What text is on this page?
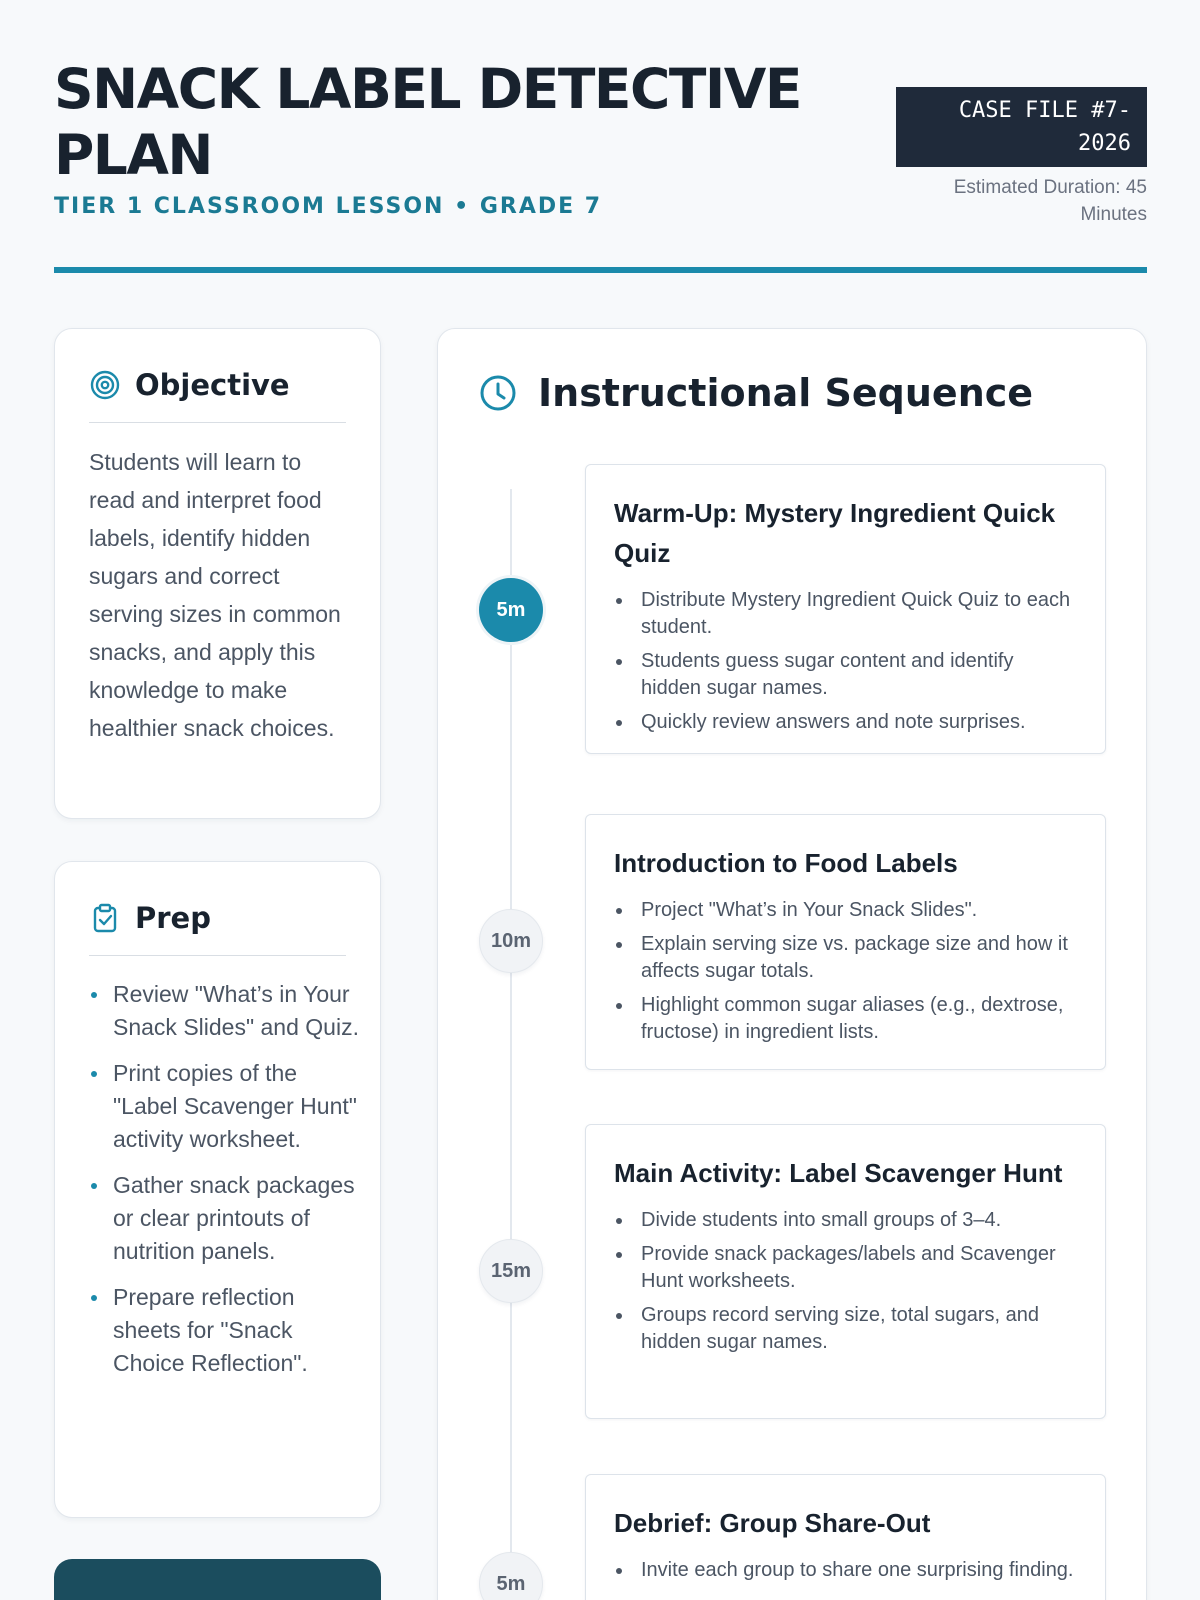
SNACK LABEL DETECTIVE PLAN
TIER 1 CLASSROOM LESSON • GRADE 7
CASE FILE #7-2026
Estimated Duration: 45 Minutes
Objective

Students will learn to read and interpret food labels, identify hidden sugars and correct serving sizes in common snacks, and apply this knowledge to make healthier snack choices.

Prep
Review "What’s in Your Snack Slides" and Quiz.
Print copies of the "Label Scavenger Hunt" activity worksheet.
Gather snack packages or clear printouts of nutrition panels.
Prepare reflection sheets for "Snack Choice Reflection".
Instructional Sequence
5m
Warm-Up: Mystery Ingredient Quick Quiz
Distribute Mystery Ingredient Quick Quiz to each student.
Students guess sugar content and identify hidden sugar names.
Quickly review answers and note surprises.
10m
Introduction to Food Labels
Project "What’s in Your Snack Slides".
Explain serving size vs. package size and how it affects sugar totals.
Highlight common sugar aliases (e.g., dextrose, fructose) in ingredient lists.
15m
Main Activity: Label Scavenger Hunt
Divide students into small groups of 3–4.
Provide snack packages/labels and Scavenger Hunt worksheets.
Groups record serving size, total sugars, and hidden sugar names.
5m
Debrief: Group Share-Out
Invite each group to share one surprising finding.
